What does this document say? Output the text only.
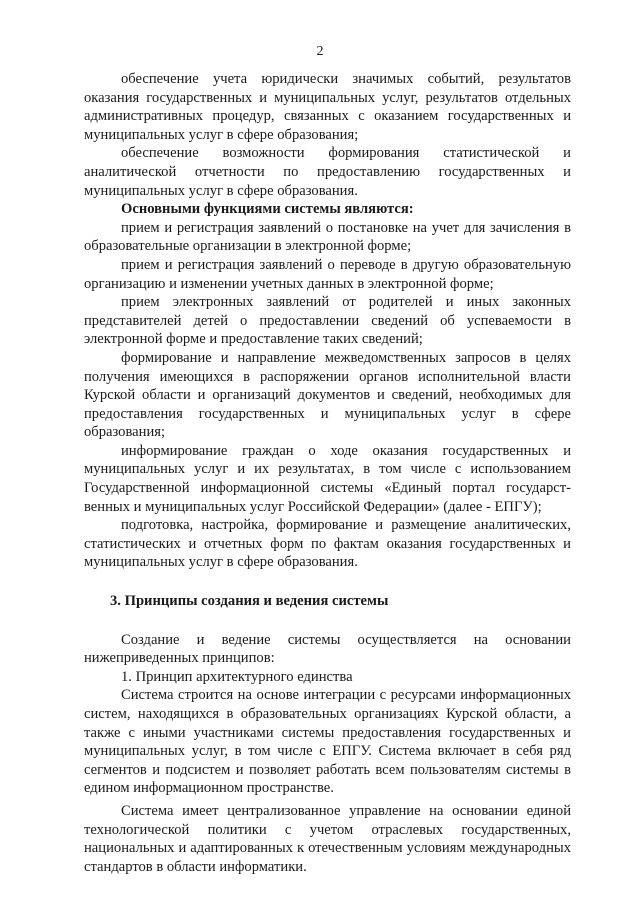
2

обеспечение учета юридически значимых событий, результатов оказания государственных и муниципальных услуг, результатов отдельных административных процедур, связанных с оказанием государственных и муниципальных услуг в сфере образования;

обеспечение возможности формирования статистической и аналитической отчетности по предоставлению государственных и муниципальных услуг в сфере образования.

Основными функциями системы являются:

прием и регистрация заявлений о постановке на учет для зачисления в образовательные организации в электронной форме;

прием и регистрация заявлений о переводе в другую образовательную организацию и изменении учетных данных в электронной форме;

прием электронных заявлений от родителей и иных законных представителей детей о предоставлении сведений об успеваемости в электронной форме и предоставление таких сведений;

формирование и направление межведомственных запросов в целях получения имеющихся в распоряжении органов исполнительной власти Курской области и организаций документов и сведений, необходимых для предоставления государственных и муниципальных услуг в сфере образования;

информирование граждан о ходе оказания государственных и муниципальных услуг и их результатах, в том числе с использованием Государственной информационной системы «Единый портал государственных и муниципальных услуг Российской Федерации» (далее - ЕПГУ);

подготовка, настройка, формирование и размещение аналитических, статистических и отчетных форм по фактам оказания государственных и муниципальных услуг в сфере образования.

3. Принципы создания и ведения системы

Создание и ведение системы осуществляется на основании нижеприведенных принципов:

1. Принцип архитектурного единства

Система строится на основе интеграции с ресурсами информационных систем, находящихся в образовательных организациях Курской области, а также с иными участниками системы предоставления государственных и муниципальных услуг, в том числе с ЕПГУ. Система включает в себя ряд сегментов и подсистем и позволяет работать всем пользователям системы в едином информационном пространстве.

Система имеет централизованное управление на основании единой технологической политики с учетом отраслевых государственных, национальных и адаптированных к отечественным условиям международных стандартов в области информатики.
